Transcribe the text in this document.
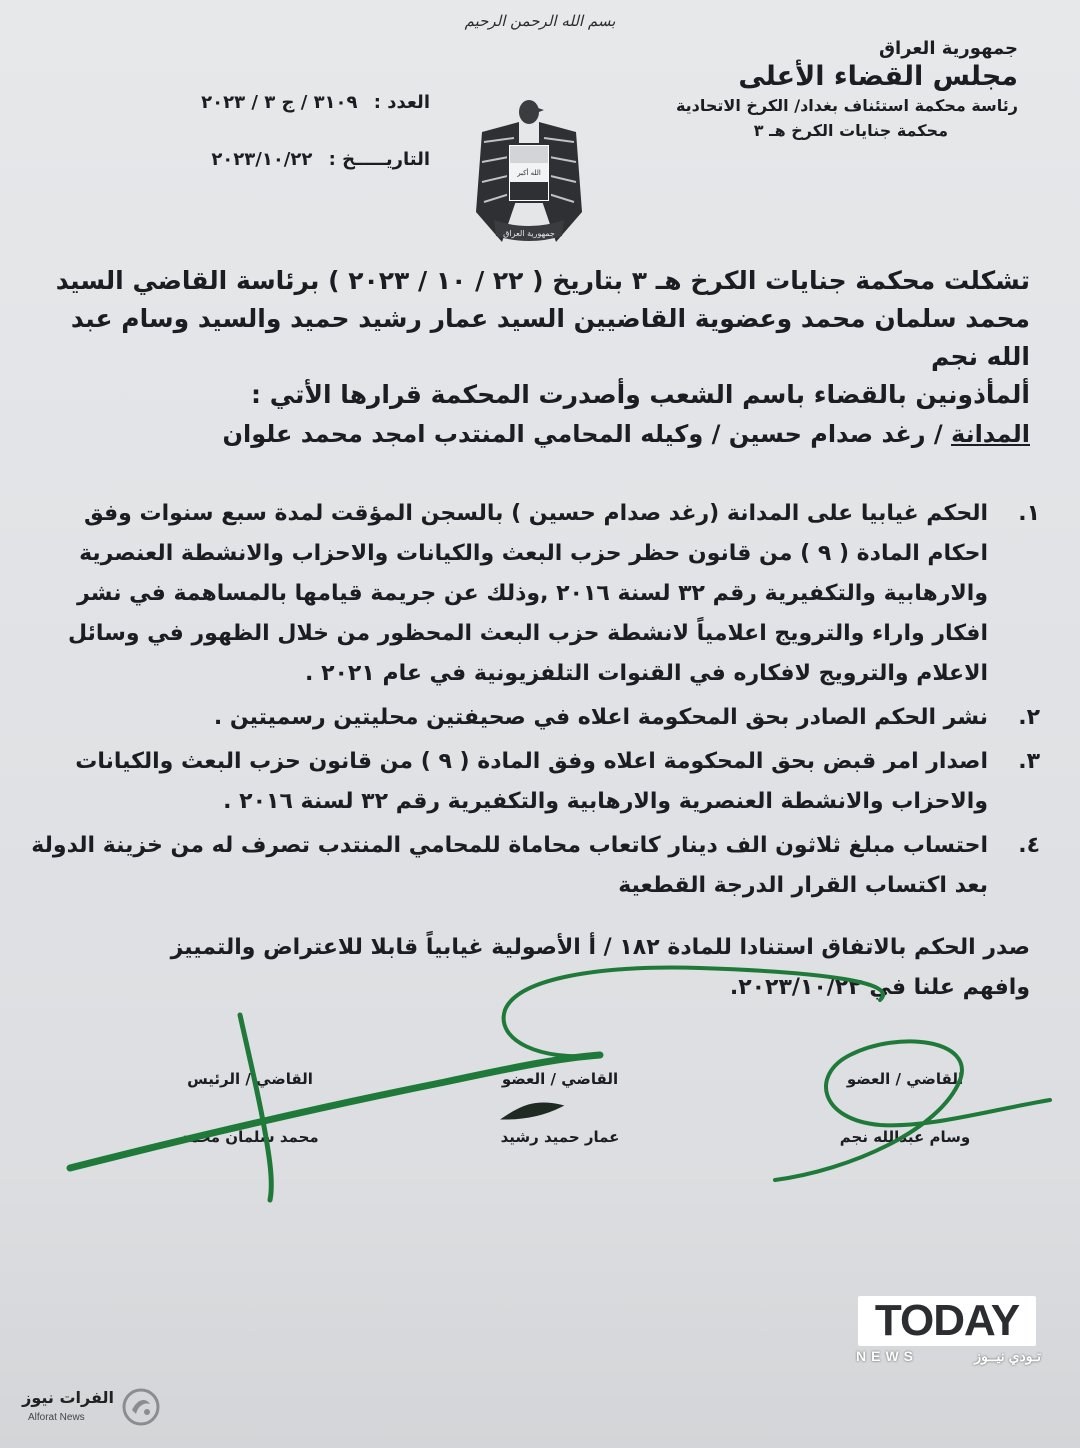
بسم الله الرحمن الرحيم
جمهورية العراق
مجلس القضاء الأعلى
رئاسة محكمة استئناف بغداد/ الكرخ الاتحادية
محكمة جنايات الكرخ هـ ٣
العدد : ٣١٠٩ / ج ٣ / ٢٠٢٣
التاريـــــخ : ٢٠٢٣/١٠/٢٢
الله أكبر
جمهورية العراق
تشكلت محكمة جنايات الكرخ هـ ٣ بتاريخ ( ٢٢ / ١٠ / ٢٠٢٣ ) برئاسة القاضي السيد
محمد سلمان محمد وعضوية القاضيين السيد عمار رشيد حميد والسيد وسام عبد الله نجم
ألمأذونين بالقضاء باسم الشعب وأصدرت المحكمة قرارها الأتي :
المدانة / رغد صدام حسين / وكيله المحامي المنتدب امجد محمد علوان
١.
الحكم غيابيا على المدانة (رغد صدام حسين ) بالسجن المؤقت لمدة سبع سنوات وفق احكام المادة ( ٩ ) من قانون حظر حزب البعث والكيانات والاحزاب والانشطة العنصرية والارهابية والتكفيرية رقم ٣٢ لسنة ٢٠١٦ ,وذلك عن جريمة قيامها بالمساهمة في نشر افكار واراء والترويج اعلامياً لانشطة حزب البعث المحظور من خلال الظهور في وسائل الاعلام والترويج لافكاره في القنوات التلفزيونية في عام ٢٠٢١ .
٢.
نشر الحكم الصادر بحق المحكومة اعلاه في صحيفتين محليتين رسميتين .
٣.
اصدار امر قبض بحق المحكومة اعلاه وفق المادة ( ٩ ) من قانون حزب البعث والكيانات والاحزاب والانشطة العنصرية والارهابية والتكفيرية رقم ٣٢ لسنة ٢٠١٦ .
٤.
احتساب مبلغ ثلاثون الف دينار كاتعاب محاماة للمحامي المنتدب تصرف له من خزينة الدولة بعد اكتساب القرار الدرجة القطعية
صدر الحكم بالاتفاق استنادا للمادة ١٨٢ / أ الأصولية غيابياً قابلا للاعتراض والتمييز
وافهم علنا في ٢٠٢٣/١٠/٢٢.
القاضي / العضو
وسام عبدالله نجم
القاضي / العضو
عمار حميد رشيد
القاضي / الرئيس
محمد سلمان محمد
TODAY
NEWS	تـودي نيــوز
الفرات نيوز
Alforat News
